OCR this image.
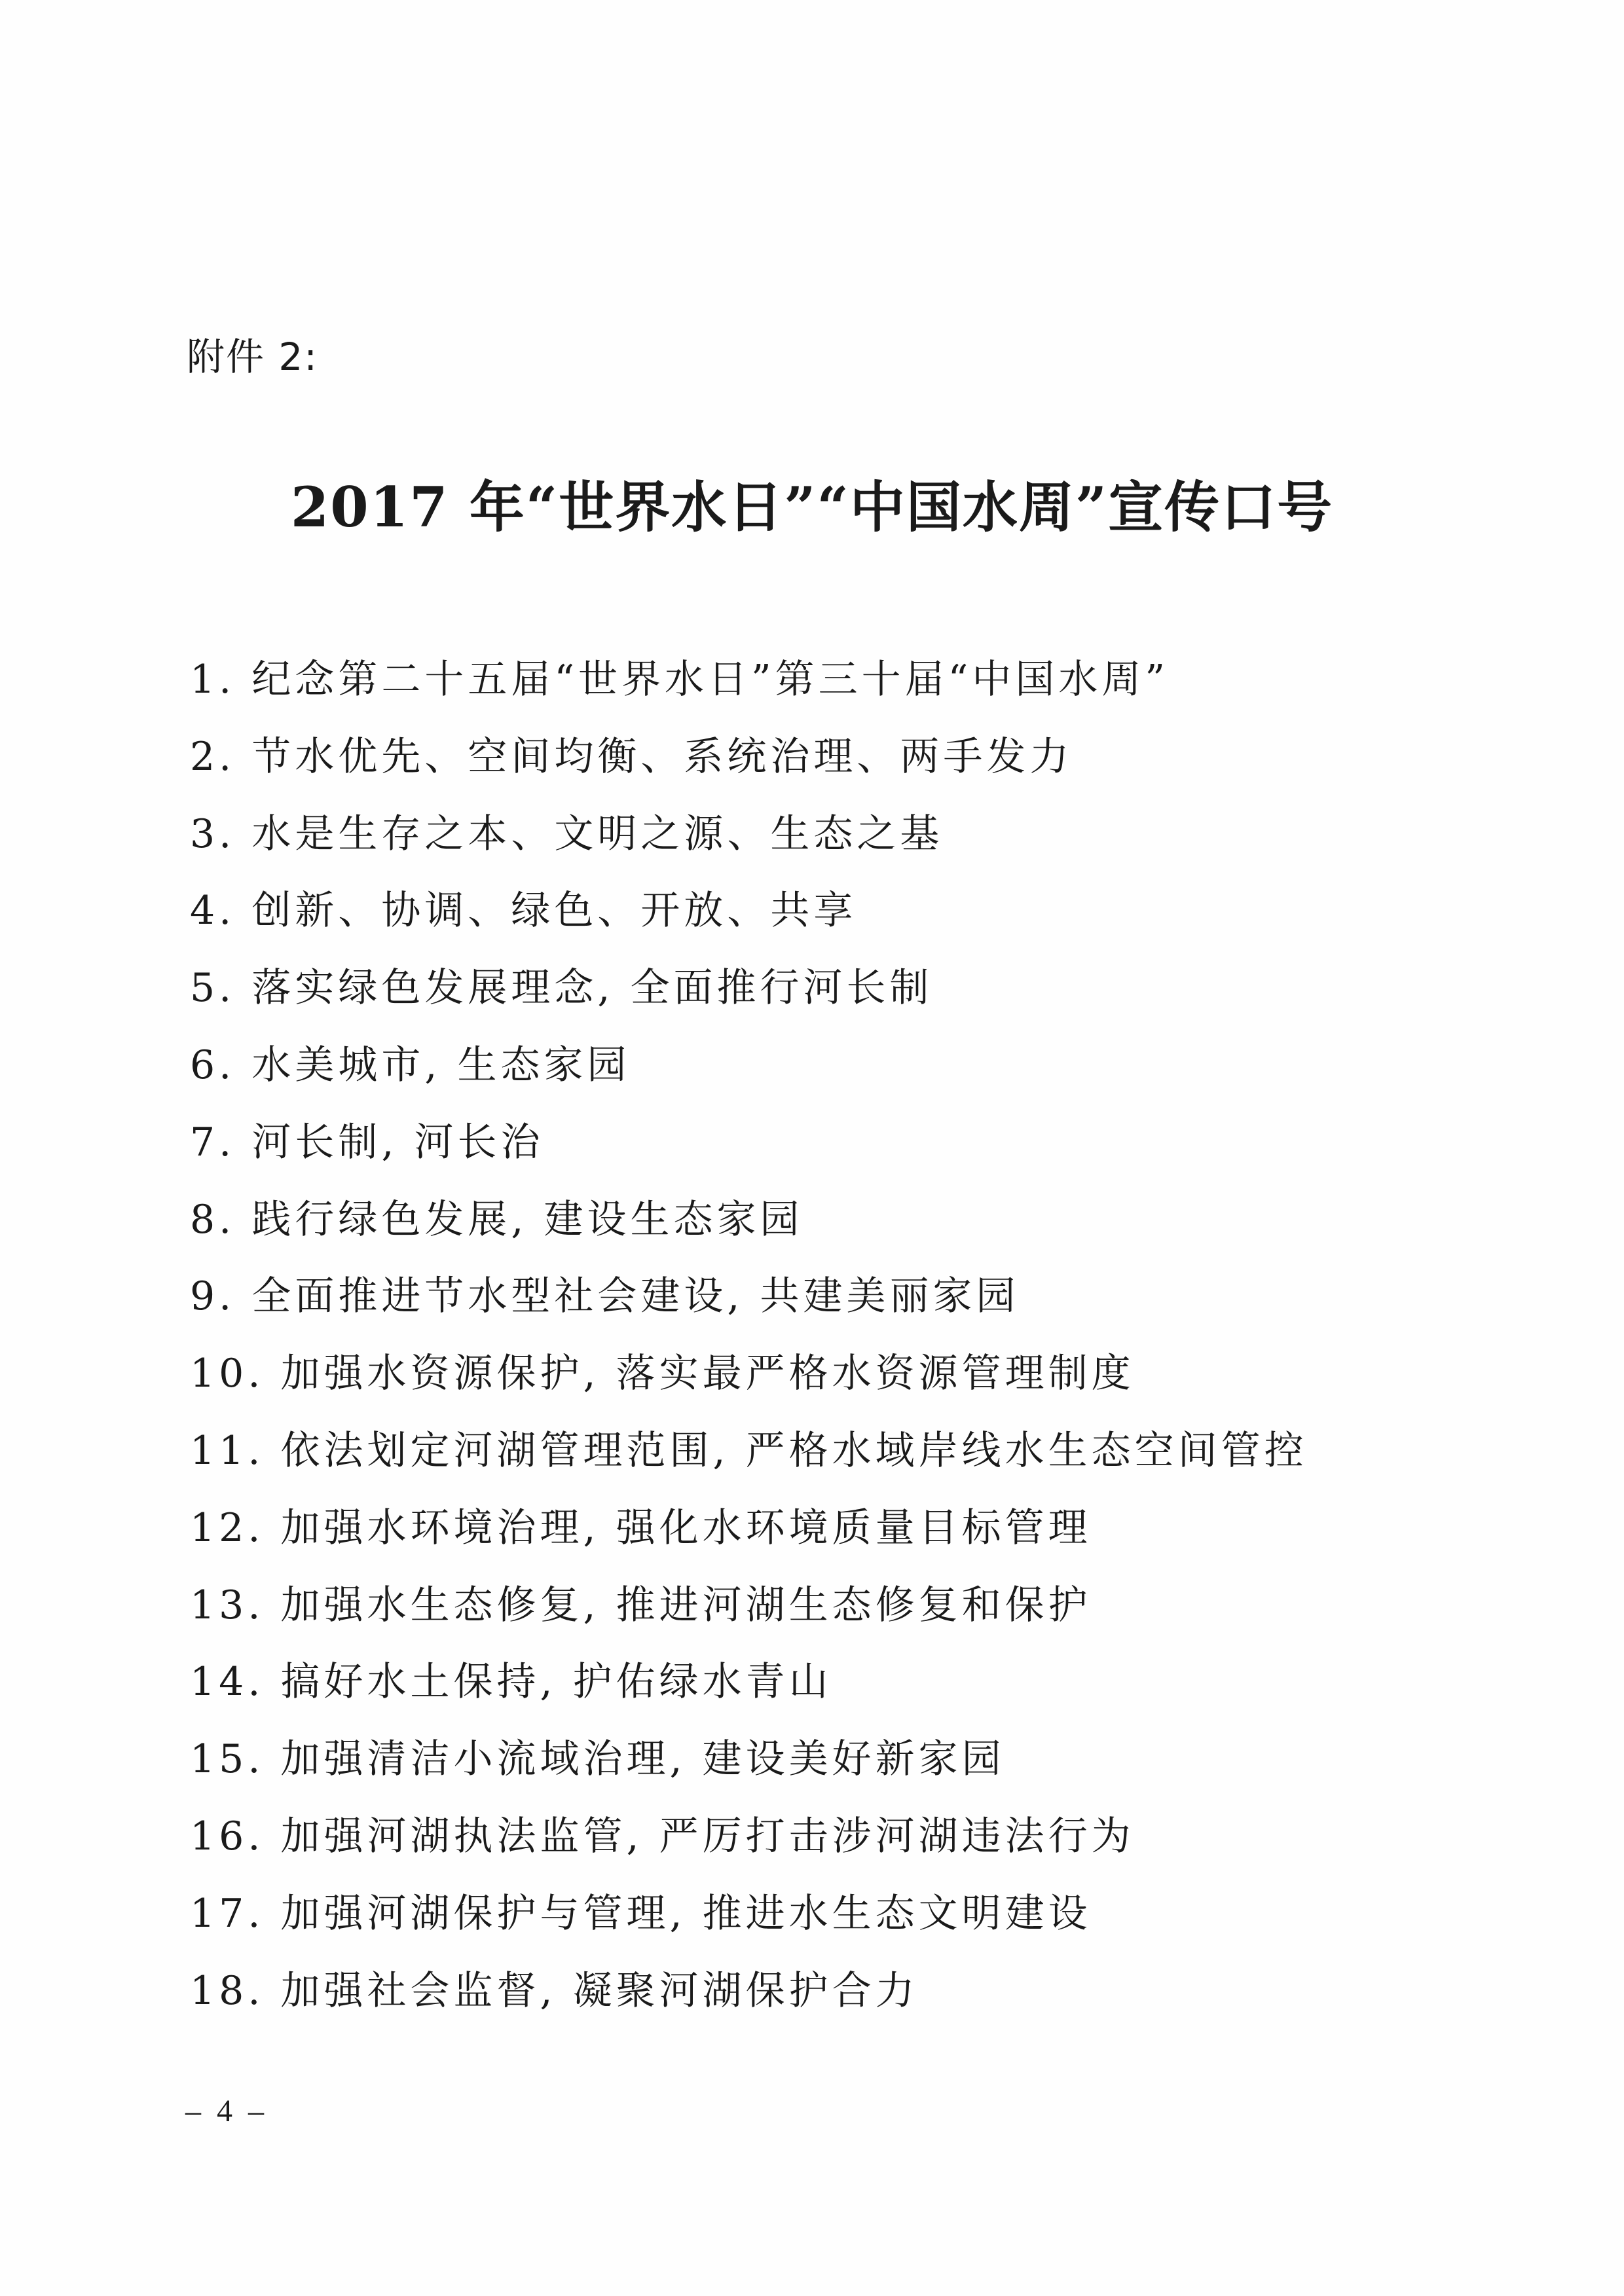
附件 2:
2017 年“世界水日”“中国水周”宣传口号
1. 纪念第二十五届“世界水日”第三十届“中国水周”
2. 节水优先、空间均衡、系统治理、两手发力
3. 水是生存之本、文明之源、生态之基
4. 创新、协调、绿色、开放、共享
5. 落实绿色发展理念, 全面推行河长制
6. 水美城市, 生态家园
7. 河长制, 河长治
8. 践行绿色发展, 建设生态家园
9. 全面推进节水型社会建设, 共建美丽家园
10. 加强水资源保护, 落实最严格水资源管理制度
11. 依法划定河湖管理范围, 严格水域岸线水生态空间管控
12. 加强水环境治理, 强化水环境质量目标管理
13. 加强水生态修复, 推进河湖生态修复和保护
14. 搞好水土保持, 护佑绿水青山
15. 加强清洁小流域治理, 建设美好新家园
16. 加强河湖执法监管, 严厉打击涉河湖违法行为
17. 加强河湖保护与管理, 推进水生态文明建设
18. 加强社会监督, 凝聚河湖保护合力
– 4 –
